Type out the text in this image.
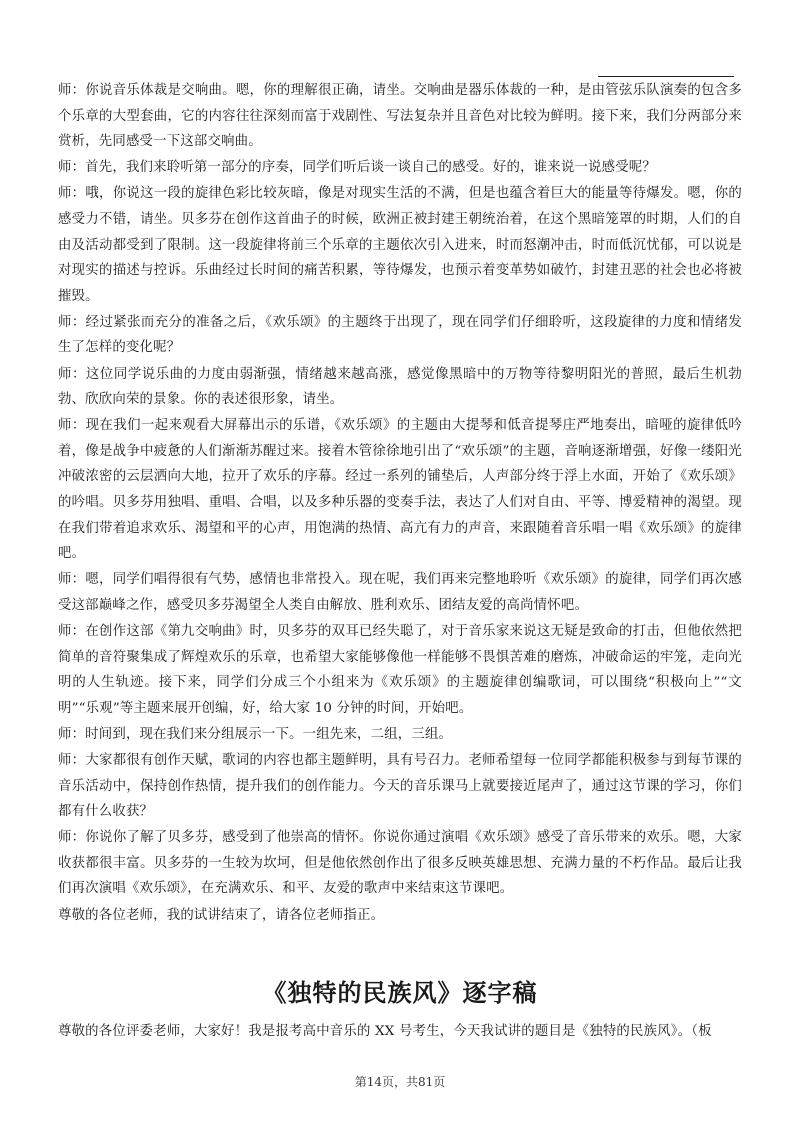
师：你说音乐体裁是交响曲。嗯，你的理解很正确，请坐。交响曲是器乐体裁的一种，是由管弦乐队演奏的包含多个乐章的大型套曲，它的内容往往深刻而富于戏剧性、写法复杂并且音色对比较为鲜明。接下来，我们分两部分来赏析，先同感受一下这部交响曲。

师：首先，我们来聆听第一部分的序奏，同学们听后谈一谈自己的感受。好的，谁来说一说感受呢？

师：哦，你说这一段的旋律色彩比较灰暗，像是对现实生活的不满，但是也蕴含着巨大的能量等待爆发。嗯，你的感受力不错，请坐。贝多芬在创作这首曲子的时候，欧洲正被封建王朝统治着，在这个黑暗笼罩的时期，人们的自由及活动都受到了限制。这一段旋律将前三个乐章的主题依次引入进来，时而怒潮冲击，时而低沉忧郁，可以说是对现实的描述与控诉。乐曲经过长时间的痛苦积累，等待爆发，也预示着变革势如破竹，封建丑恶的社会也必将被摧毁。

师：经过紧张而充分的准备之后，《欢乐颂》的主题终于出现了，现在同学们仔细聆听，这段旋律的力度和情绪发生了怎样的变化呢？

师：这位同学说乐曲的力度由弱渐强，情绪越来越高涨，感觉像黑暗中的万物等待黎明阳光的普照，最后生机勃勃、欣欣向荣的景象。你的表述很形象，请坐。

师：现在我们一起来观看大屏幕出示的乐谱，《欢乐颂》的主题由大提琴和低音提琴庄严地奏出，暗哑的旋律低吟着，像是战争中疲惫的人们渐渐苏醒过来。接着木管徐徐地引出了“欢乐颂”的主题，音响逐渐增强，好像一缕阳光冲破浓密的云层洒向大地，拉开了欢乐的序幕。经过一系列的铺垫后，人声部分终于浮上水面，开始了《欢乐颂》的吟唱。贝多芬用独唱、重唱、合唱，以及多种乐器的变奏手法，表达了人们对自由、平等、博爱精神的渴望。现在我们带着追求欢乐、渴望和平的心声，用饱满的热情、高亢有力的声音，来跟随着音乐唱一唱《欢乐颂》的旋律吧。

师：嗯，同学们唱得很有气势，感情也非常投入。现在呢，我们再来完整地聆听《欢乐颂》的旋律，同学们再次感受这部巅峰之作，感受贝多芬渴望全人类自由解放、胜利欢乐、团结友爱的高尚情怀吧。

师：在创作这部《第九交响曲》时，贝多芬的双耳已经失聪了，对于音乐家来说这无疑是致命的打击，但他依然把简单的音符聚集成了辉煌欢乐的乐章，也希望大家能够像他一样能够不畏惧苦难的磨炼，冲破命运的牢笼，走向光明的人生轨迹。接下来，同学们分成三个小组来为《欢乐颂》的主题旋律创编歌词，可以围绕“积极向上”“文明”“乐观”等主题来展开创编，好，给大家 10 分钟的时间，开始吧。

师：时间到，现在我们来分组展示一下。一组先来，二组，三组。

师：大家都很有创作天赋，歌词的内容也都主题鲜明，具有号召力。老师希望每一位同学都能积极参与到每节课的音乐活动中，保持创作热情，提升我们的创作能力。今天的音乐课马上就要接近尾声了，通过这节课的学习，你们都有什么收获？

师：你说你了解了贝多芬，感受到了他崇高的情怀。你说你通过演唱《欢乐颂》感受了音乐带来的欢乐。嗯，大家收获都很丰富。贝多芬的一生较为坎坷，但是他依然创作出了很多反映英雄思想、充满力量的不朽作品。最后让我们再次演唱《欢乐颂》，在充满欢乐、和平、友爱的歌声中来结束这节课吧。

尊敬的各位老师，我的试讲结束了，请各位老师指正。

《独特的民族风》逐字稿

尊敬的各位评委老师，大家好！我是报考高中音乐的 XX 号考生，今天我试讲的题目是《独特的民族风》。（板

第14页，共81页
